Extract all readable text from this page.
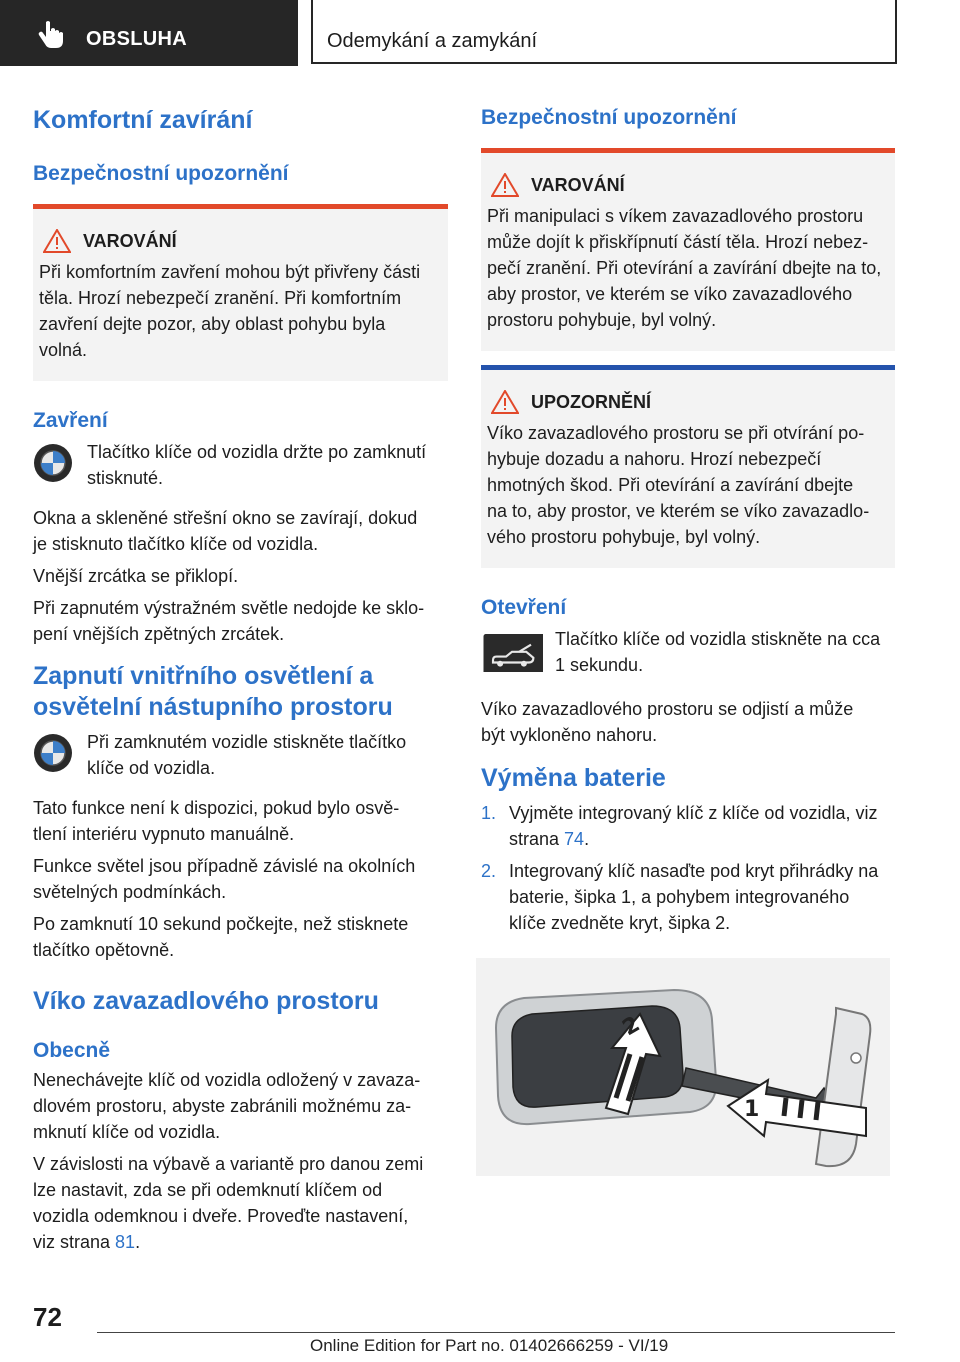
OBSLUHA	Odemykání a zamykání
Komfortní zavírání
Bezpečnostní upozornění
VAROVÁNÍ

Při komfortním zavření mohou být přivřeny části
těla. Hrozí nebezpečí zranění. Při komfortním
zavření dejte pozor, aby oblast pohybu byla
volná.

Zavření

Tlačítko klíče od vozidla držte po zamknutí
stisknuté.

Okna a skleněné střešní okno se zavírají, dokud
je stisknuto tlačítko klíče od vozidla.

Vnější zrcátka se přiklopí.

Při zapnutém výstražném světle nedojde ke sklo‐
pení vnějších zpětných zrcátek.

Zapnutí vnitřního osvětlení a
osvětelní nástupního prostoru

Při zamknutém vozidle stiskněte tlačítko
klíče od vozidla.

Tato funkce není k dispozici, pokud bylo osvě‐
tlení interiéru vypnuto manuálně.

Funkce světel jsou případně závislé na okolních
světelných podmínkách.

Po zamknutí 10 sekund počkejte, než stisknete
tlačítko opětovně.

Víko zavazadlového prostoru
Obecně

Nenechávejte klíč od vozidla odložený v zavaza‐
dlovém prostoru, abyste zabránili možnému za‐
mknutí klíče od vozidla.

V závislosti na výbavě a variantě pro danou zemi
lze nastavit, zda se při odemknutí klíčem od
vozidla odemknou i dveře. Proveďte nastavení,
viz strana 81.

Bezpečnostní upozornění
VAROVÁNÍ

Při manipulaci s víkem zavazadlového prostoru
může dojít k přiskřípnutí částí těla. Hrozí nebez‐
pečí zranění. Při otevírání a zavírání dbejte na to,
aby prostor, ve kterém se víko zavazadlového
prostoru pohybuje, byl volný.

UPOZORNĚNÍ

Víko zavazadlového prostoru se při otvírání po‐
hybuje dozadu a nahoru. Hrozí nebezpečí
hmotných škod. Při otevírání a zavírání dbejte
na to, aby prostor, ve kterém se víko zavazadlo‐
vého prostoru pohybuje, byl volný.

Otevření

Tlačítko klíče od vozidla stiskněte na cca
1 sekundu.

Víko zavazadlového prostoru se odjistí a může
být vykloněno nahoru.

Výměna baterie
1. Vyjměte integrovaný klíč z klíče od vozidla, viz
strana 74.
2. Integrovaný klíč nasaďte pod kryt přihrádky na
baterie, šipka 1, a pohybem integrovaného
klíče zvedněte kryt, šipka 2.
2
1
72
Online Edition for Part no. 01402666259 - VI/19
